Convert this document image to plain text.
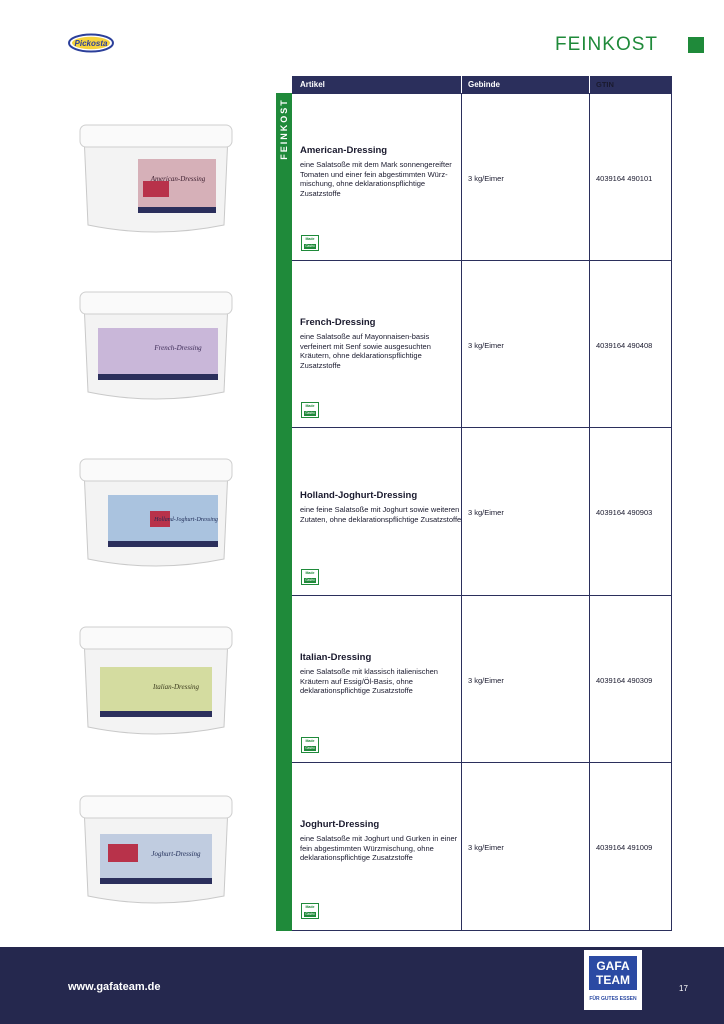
Pickosta	FEINKOST
American-Dressing
French-Dressing
Holland-Joghurt-Dressing
Italian-Dressing
Joghurt-Dressing
FEINKOST
Artikel	Gebinde	GTIN
American-Dressing
eine Salatsoße mit dem Mark sonnengereifter Tomaten und einer fein abgestimmten Würz-mischung, ohne deklarationspflichtige Zusatzstoffe
3 kg/Eimer	4039164 490101
Made
Gastro
French-Dressing
eine Salatsoße auf Mayonnaisen-basis verfeinert mit Senf sowie ausgesuchten Kräutern, ohne deklarationspflichtige Zusatzstoffe
3 kg/Eimer	4039164 490408
Made
Gastro
Holland-Joghurt-Dressing
eine feine Salatsoße mit Joghurt sowie weiteren Zutaten, ohne deklarationspflichtige Zusatzstoffe
3 kg/Eimer	4039164 490903
Made
Gastro
Italian-Dressing
eine Salatsoße mit klassisch italienischen Kräutern auf Essig/Öl-Basis, ohne deklarationspflichtige Zusatzstoffe
3 kg/Eimer	4039164 490309
Made
Gastro
Joghurt-Dressing
eine Salatsoße mit Joghurt und Gurken in einer fein abgestimmten Würzmischung, ohne deklarationspflichtige Zusatzstoffe
3 kg/Eimer	4039164 491009
Made
Gastro
www.gafateam.de
GAFA
TEAM
FÜR GUTES ESSEN
17
